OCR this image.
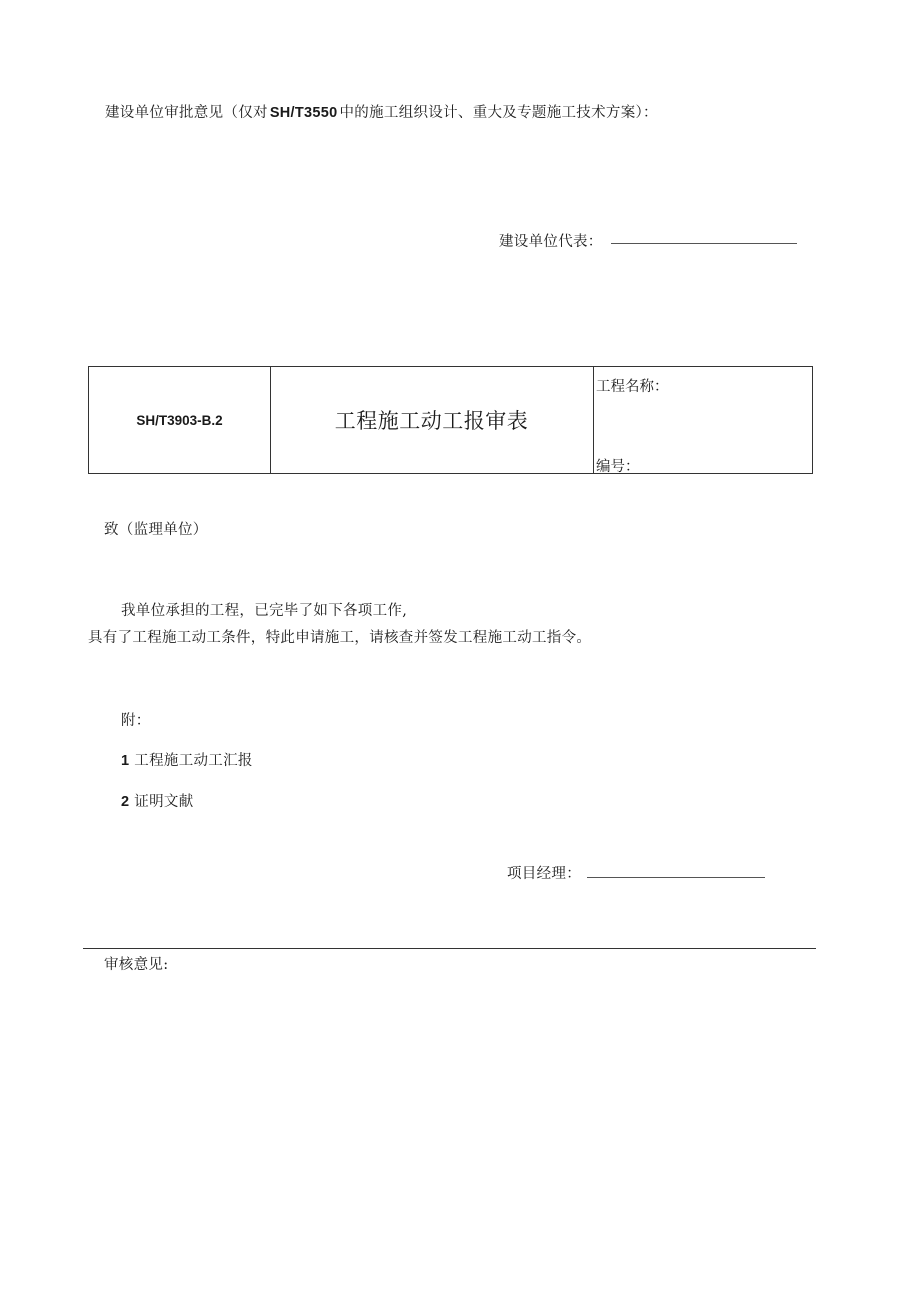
建设单位审批意见（仅对 SH/T3550 中的施工组织设计、重大及专题施工技术方案）：
建设单位代表：
SH/T3903-B.2	工程施工动工报审表
工程名称：
编号：
致（监理单位）
我单位承担的工程，已完毕了如下各项工作,
具有了工程施工动工条件，特此申请施工，请核查并签发工程施工动工指令。
附：
1 工程施工动工汇报
2 证明文献
项目经理：
审核意见:
